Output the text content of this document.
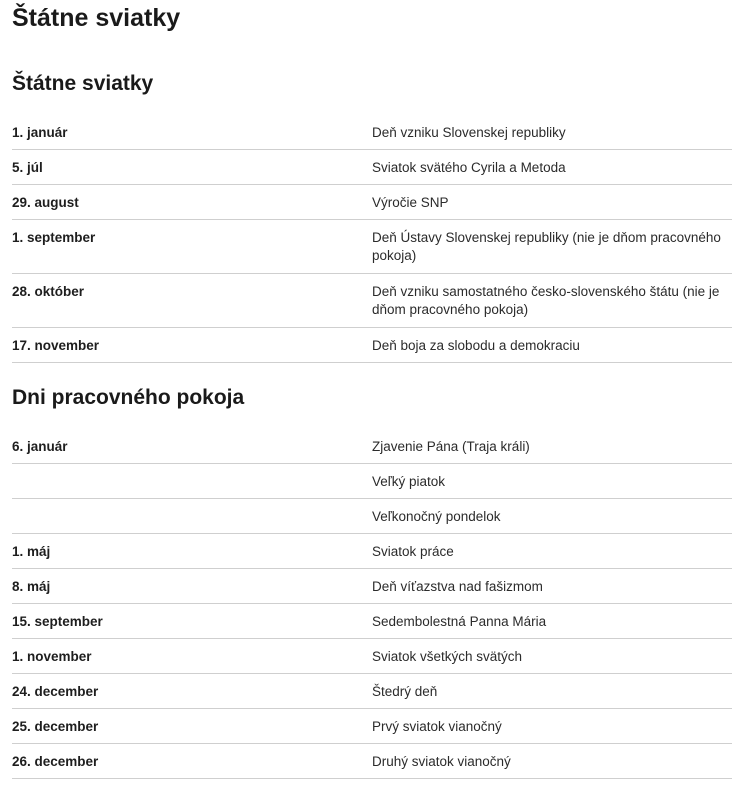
Štátne sviatky
Štátne sviatky
1. január	Deň vzniku Slovenskej republiky
5. júl	Sviatok svätého Cyrila a Metoda
29. august	Výročie SNP
1. september	Deň Ústavy Slovenskej republiky (nie je dňom pracovného pokoja)
28. október	Deň vzniku samostatného česko-slovenského štátu (nie je dňom pracovného pokoja)
17. november	Deň boja za slobodu a demokraciu
Dni pracovného pokoja
6. január	Zjavenie Pána (Traja králi)
	Veľký piatok
	Veľkonočný pondelok
1. máj	Sviatok práce
8. máj	Deň víťazstva nad fašizmom
15. september	Sedembolestná Panna Mária
1. november	Sviatok všetkých svätých
24. december	Štedrý deň
25. december	Prvý sviatok vianočný
26. december	Druhý sviatok vianočný
